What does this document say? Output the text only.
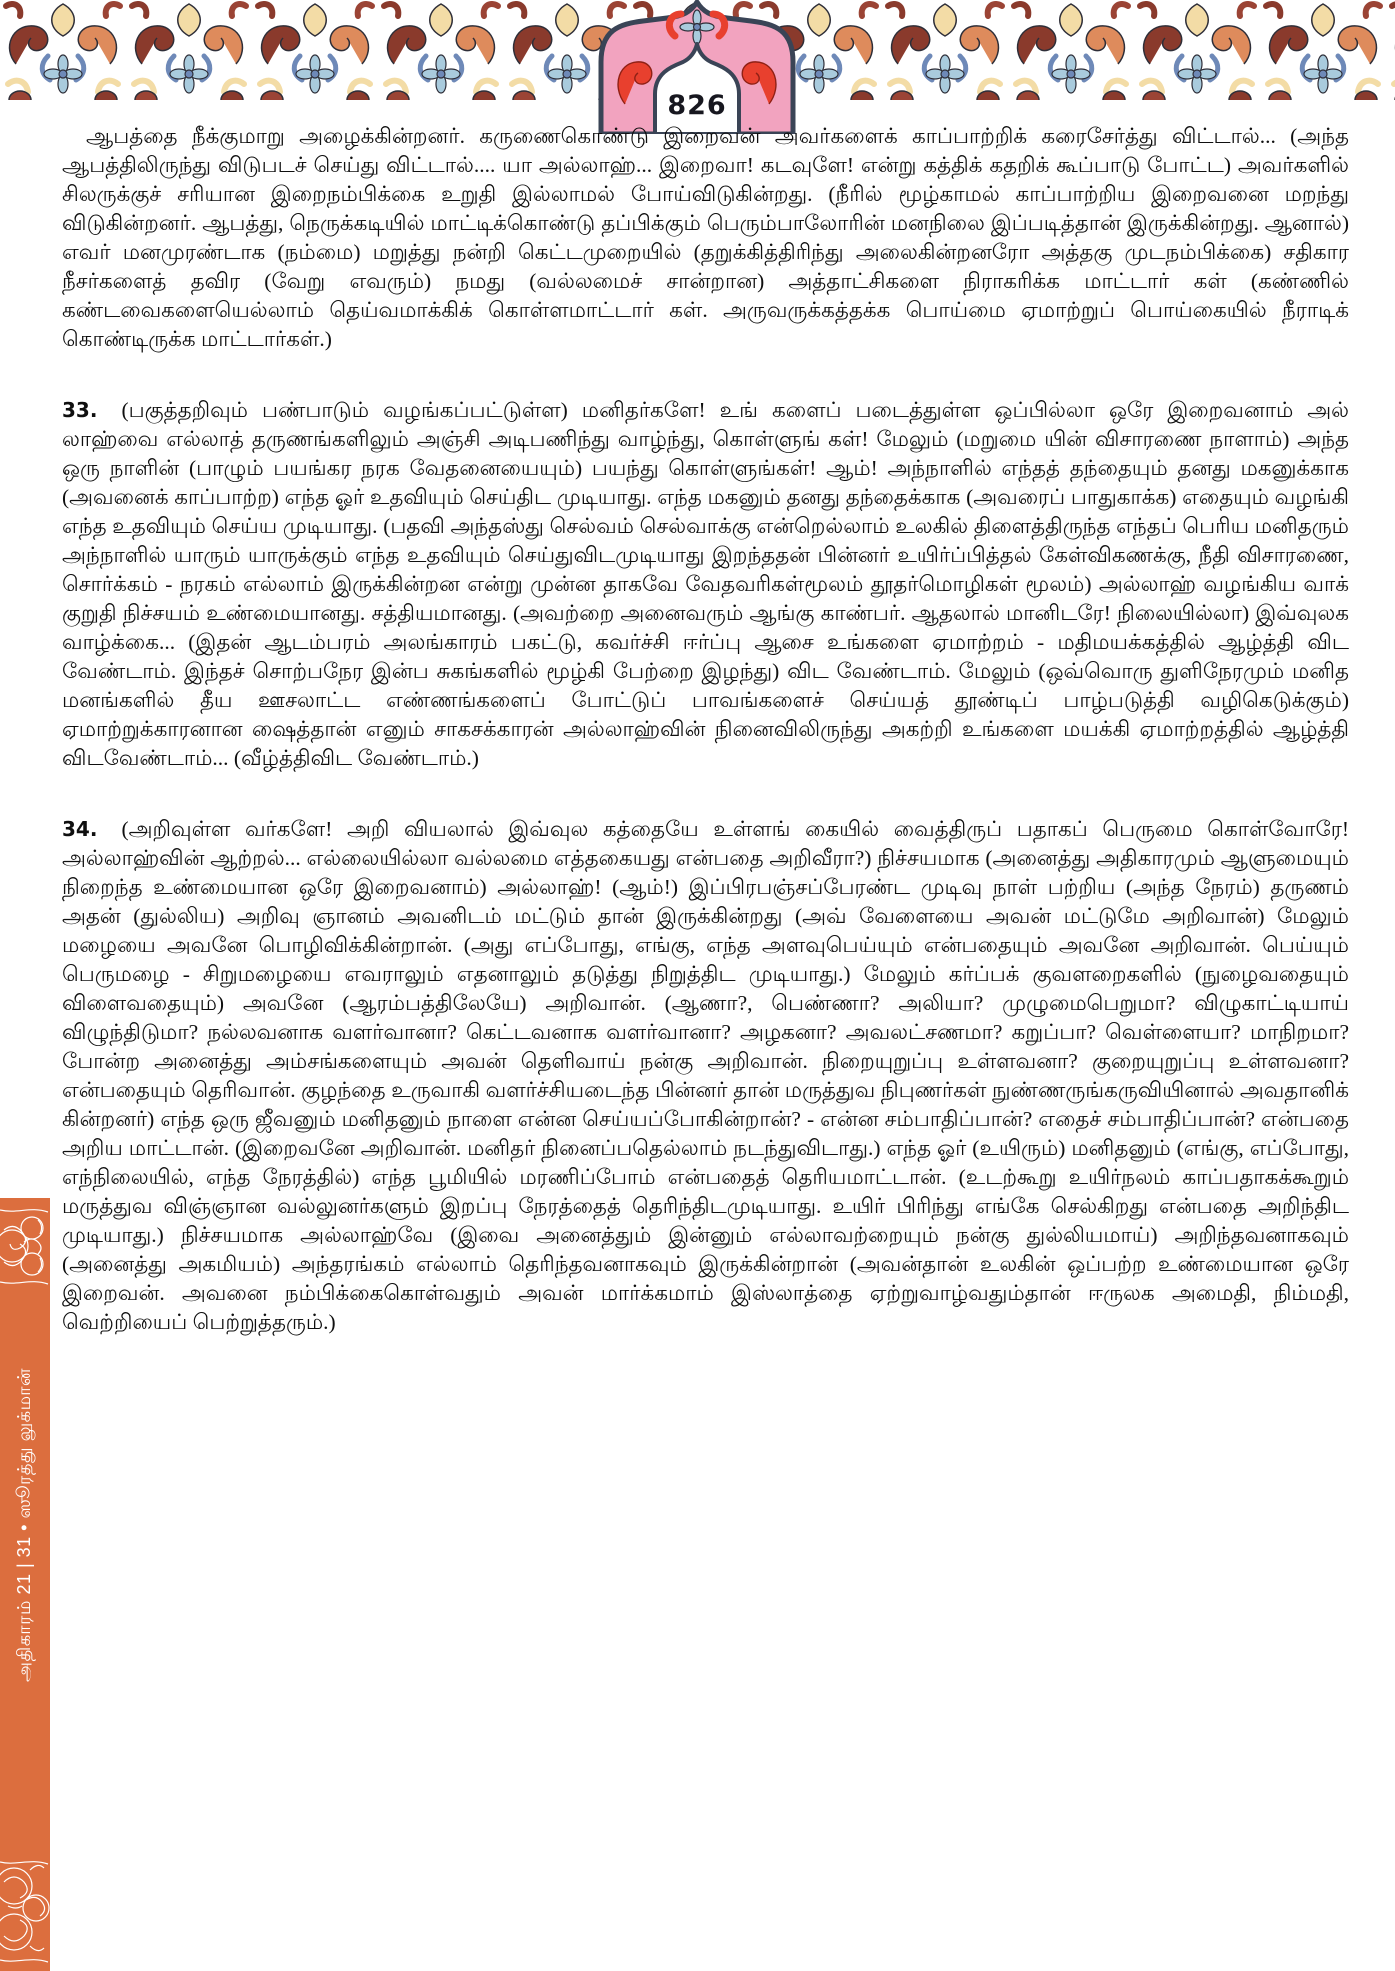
826

ஆபத்தை நீக்குமாறு அழைக்கின்றனர். கருணைகொண்டு இறைவன் அவர்களைக் காப்பாற்றிக் கரைசேர்த்து விட்டால்... (அந்த ஆபத்திலிருந்து விடுபடச் செய்து விட்டால்.... யா அல்லாஹ்... இறைவா! கடவுளே! என்று கத்திக் கதறிக் கூப்பாடு போட்ட) அவர்களில் சிலருக்குச் சரியான இறைநம்பிக்கை உறுதி இல்லாமல் போய்விடுகின்றது. (நீரில் மூழ்காமல் காப்பாற்றிய இறைவனை மறந்து விடுகின்றனர். ஆபத்து, நெருக்கடியில் மாட்டிக்கொண்டு தப்பிக்கும் பெரும்பாலோரின் மனநிலை இப்படித்தான் இருக்கின்றது. ஆனால்) எவர் மனமுரண்டாக (நம்மை) மறுத்து நன்றி கெட்டமுறையில் (தறுக்கித்திரிந்து அலைகின்றனரோ அத்தகு முடநம்பிக்கை) சதிகார நீசர்களைத் தவிர (வேறு எவரும்) நமது (வல்லமைச் சான்றான) அத்தாட்சிகளை நிராகரிக்க மாட்டார் கள் (கண்ணில் கண்டவைகளையெல்லாம் தெய்வமாக்கிக் கொள்ளமாட்டார் கள். அருவருக்கத்தக்க பொய்மை ஏமாற்றுப் பொய்கையில் நீராடிக் கொண்டிருக்க மாட்டார்கள்.)

33. (பகுத்தறிவும் பண்பாடும் வழங்கப்பட்டுள்ள) மனிதர்களே! உங் களைப் படைத்துள்ள ஒப்பில்லா ஒரே இறைவனாம் அல் லாஹ்வை எல்லாத் தருணங்களிலும் அஞ்சி அடிபணிந்து வாழ்ந்து, கொள்ளுங் கள்! மேலும் (மறுமை யின் விசாரணை நாளாம்) அந்த ஒரு நாளின் (பாழும் பயங்கர நரக வேதனையையும்) பயந்து கொள்ளுங்கள்! ஆம்! அந்நாளில் எந்தத் தந்தையும் தனது மகனுக்காக (அவனைக் காப்பாற்ற) எந்த ஓர் உதவியும் செய்திட முடியாது. எந்த மகனும் தனது தந்தைக்காக (அவரைப் பாதுகாக்க) எதையும் வழங்கி எந்த உதவியும் செய்ய முடியாது. (பதவி அந்தஸ்து செல்வம் செல்வாக்கு என்றெல்லாம் உலகில் திளைத்திருந்த எந்தப் பெரிய மனிதரும் அந்நாளில் யாரும் யாருக்கும் எந்த உதவியும் செய்துவிடமுடியாது இறந்ததன் பின்னர் உயிர்ப்பித்தல் கேள்விகணக்கு, நீதி விசாரணை, சொர்க்கம் - நரகம் எல்லாம் இருக்கின்றன என்று முன்ன தாகவே வேதவரிகள்மூலம் தூதர்மொழிகள் மூலம்) அல்லாஹ் வழங்கிய வாக் குறுதி நிச்சயம் உண்மையானது. சத்தியமானது. (அவற்றை அனைவரும் ஆங்கு காண்பர். ஆதலால் மானிடரே! நிலையில்லா) இவ்வுலக வாழ்க்கை... (இதன் ஆடம்பரம் அலங்காரம் பகட்டு, கவர்ச்சி ஈர்ப்பு ஆசை உங்களை ஏமாற்றம் - மதிமயக்கத்தில் ஆழ்த்தி விட வேண்டாம். இந்தச் சொற்பநேர இன்ப சுகங்களில் மூழ்கி பேற்றை இழந்து) விட வேண்டாம். மேலும் (ஒவ்வொரு துளிநேரமும் மனித மனங்களில் தீய ஊசலாட்ட எண்ணங்களைப் போட்டுப் பாவங்களைச் செய்யத் தூண்டிப் பாழ்படுத்தி வழிகெடுக்கும்) ஏமாற்றுக்காரனான ஷைத்தான் எனும் சாகசக்காரன் அல்லாஹ்வின் நினைவிலிருந்து அகற்றி உங்களை மயக்கி ஏமாற்றத்தில் ஆழ்த்தி விடவேண்டாம்... (வீழ்த்திவிட வேண்டாம்.)

34. (அறிவுள்ள வர்களே! அறி வியலால் இவ்வுல கத்தையே உள்ளங் கையில் வைத்திருப் பதாகப் பெருமை கொள்வோரே! அல்லாஹ்வின் ஆற்றல்... எல்லையில்லா வல்லமை எத்தகையது என்பதை அறிவீரா?) நிச்சயமாக (அனைத்து அதிகாரமும் ஆளுமையும் நிறைந்த உண்மையான ஒரே இறைவனாம்) அல்லாஹ்! (ஆம்!) இப்பிரபஞ்சப்பேரண்ட முடிவு நாள் பற்றிய (அந்த நேரம்) தருணம் அதன் (துல்லிய) அறிவு ஞானம் அவனிடம் மட்டும் தான் இருக்கின்றது (அவ் வேளையை அவன் மட்டுமே அறிவான்) மேலும் மழையை அவனே பொழிவிக்கின்றான். (அது எப்போது, எங்கு, எந்த அளவுபெய்யும் என்பதையும் அவனே அறிவான். பெய்யும் பெருமழை - சிறுமழையை எவராலும் எதனாலும் தடுத்து நிறுத்திட முடியாது.) மேலும் கர்ப்பக் குவளறைகளில் (நுழைவதையும் விளைவதையும்) அவனே (ஆரம்பத்திலேயே) அறிவான். (ஆணா?, பெண்ணா? அலியா? முழுமைபெறுமா? விழுகாட்டியாய் விழுந்திடுமா? நல்லவனாக வளர்வானா? கெட்டவனாக வளர்வானா? அழகனா? அவலட்சணமா? கறுப்பா? வெள்ளையா? மாநிறமா? போன்ற அனைத்து அம்சங்களையும் அவன் தெளிவாய் நன்கு அறிவான். நிறையுறுப்பு உள்ளவனா? குறையுறுப்பு உள்ளவனா? என்பதையும் தெரிவான். குழந்தை உருவாகி வளர்ச்சியடைந்த பின்னர் தான் மருத்துவ நிபுணர்கள் நுண்ணருங்கருவியினால் அவதானிக் கின்றனர்) எந்த ஒரு ஜீவனும் மனிதனும் நாளை என்ன செய்யப்போகின்றான்? - என்ன சம்பாதிப்பான்? எதைச் சம்பாதிப்பான்? என்பதை அறிய மாட்டான். (இறைவனே அறிவான். மனிதர் நினைப்பதெல்லாம் நடந்துவிடாது.) எந்த ஓர் (உயிரும்) மனிதனும் (எங்கு, எப்போது, எந்நிலையில், எந்த நேரத்தில்) எந்த பூமியில் மரணிப்போம் என்பதைத் தெரியமாட்டான். (உடற்கூறு உயிர்நலம் காப்பதாகக்கூறும் மருத்துவ விஞ்ஞான வல்லுனர்களும் இறப்பு நேரத்தைத் தெரிந்திடமுடியாது. உயிர் பிரிந்து எங்கே செல்கிறது என்பதை அறிந்திட முடியாது.) நிச்சயமாக அல்லாஹ்வே (இவை அனைத்தும் இன்னும் எல்லாவற்றையும் நன்கு துல்லியமாய்) அறிந்தவனாகவும் (அனைத்து அகமியம்) அந்தரங்கம் எல்லாம் தெரிந்தவனாகவும் இருக்கின்றான் (அவன்தான் உலகின் ஒப்பற்ற உண்மையான ஒரே இறைவன். அவனை நம்பிக்கைகொள்வதும் அவன் மார்க்கமாம் இஸ்லாத்தை ஏற்றுவாழ்வதும்தான் ஈருலக அமைதி, நிம்மதி, வெற்றியைப் பெற்றுத்தரும்.)

அதிகாரம் 21 | 31 • ஸூரத்து லுக்மான்
